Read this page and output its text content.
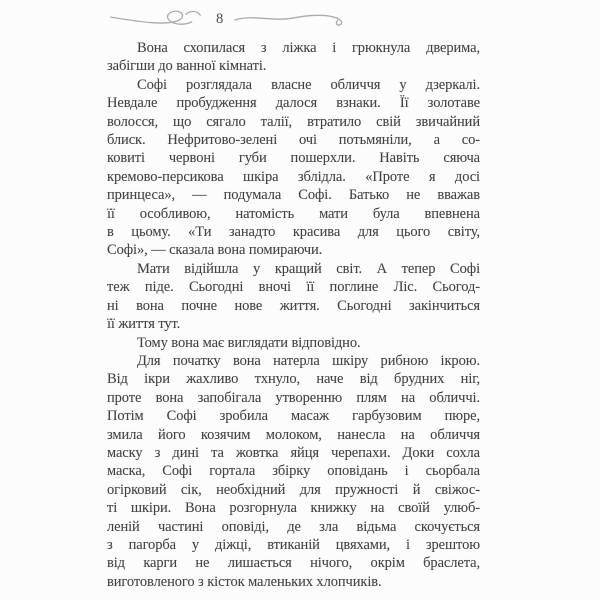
8
Вона схопилася з ліжка і грюкнула дверима,
забігши до ванної кімнаті.
Софі розглядала власне обличчя у дзеркалі.
Невдале пробудження далося взнаки. Її золотаве
волосся, що сягало талії, втратило свій звичайний
блиск. Нефритово-зелені очі потьмяніли, а со-
ковиті червоні губи пошерхли. Навіть сяюча
кремово-персикова шкіра зблідла. «Проте я досі
принцеса», — подумала Софі. Батько не вважав
її особливою, натомість мати була впевнена
в цьому. «Ти занадто красива для цього світу,
Софі», — сказала вона помираючи.
Мати відійшла у кращий світ. А тепер Софі
теж піде. Сьогодні вночі її поглине Ліс. Сьогод-
ні вона почне нове життя. Сьогодні закінчиться
її життя тут.
Тому вона має виглядати відповідно.
Для початку вона натерла шкіру рибною ікрою.
Від ікри жахливо тхнуло, наче від брудних ніг,
проте вона запобігала утворенню плям на обличчі.
Потім Софі зробила масаж гарбузовим пюре,
змила його козячим молоком, нанесла на обличчя
маску з дині та жовтка яйця черепахи. Доки сохла
маска, Софі гортала збірку оповідань і сьорбала
огірковий сік, необхідний для пружності й свіжос-
ті шкіри. Вона розгорнула книжку на своїй улюб-
леній частині оповіді, де зла відьма скочується
з пагорба у діжці, втиканій цвяхами, і зрештою
від карги не лишається нічого, окрім браслета,
виготовленого з кісток маленьких хлопчиків.
